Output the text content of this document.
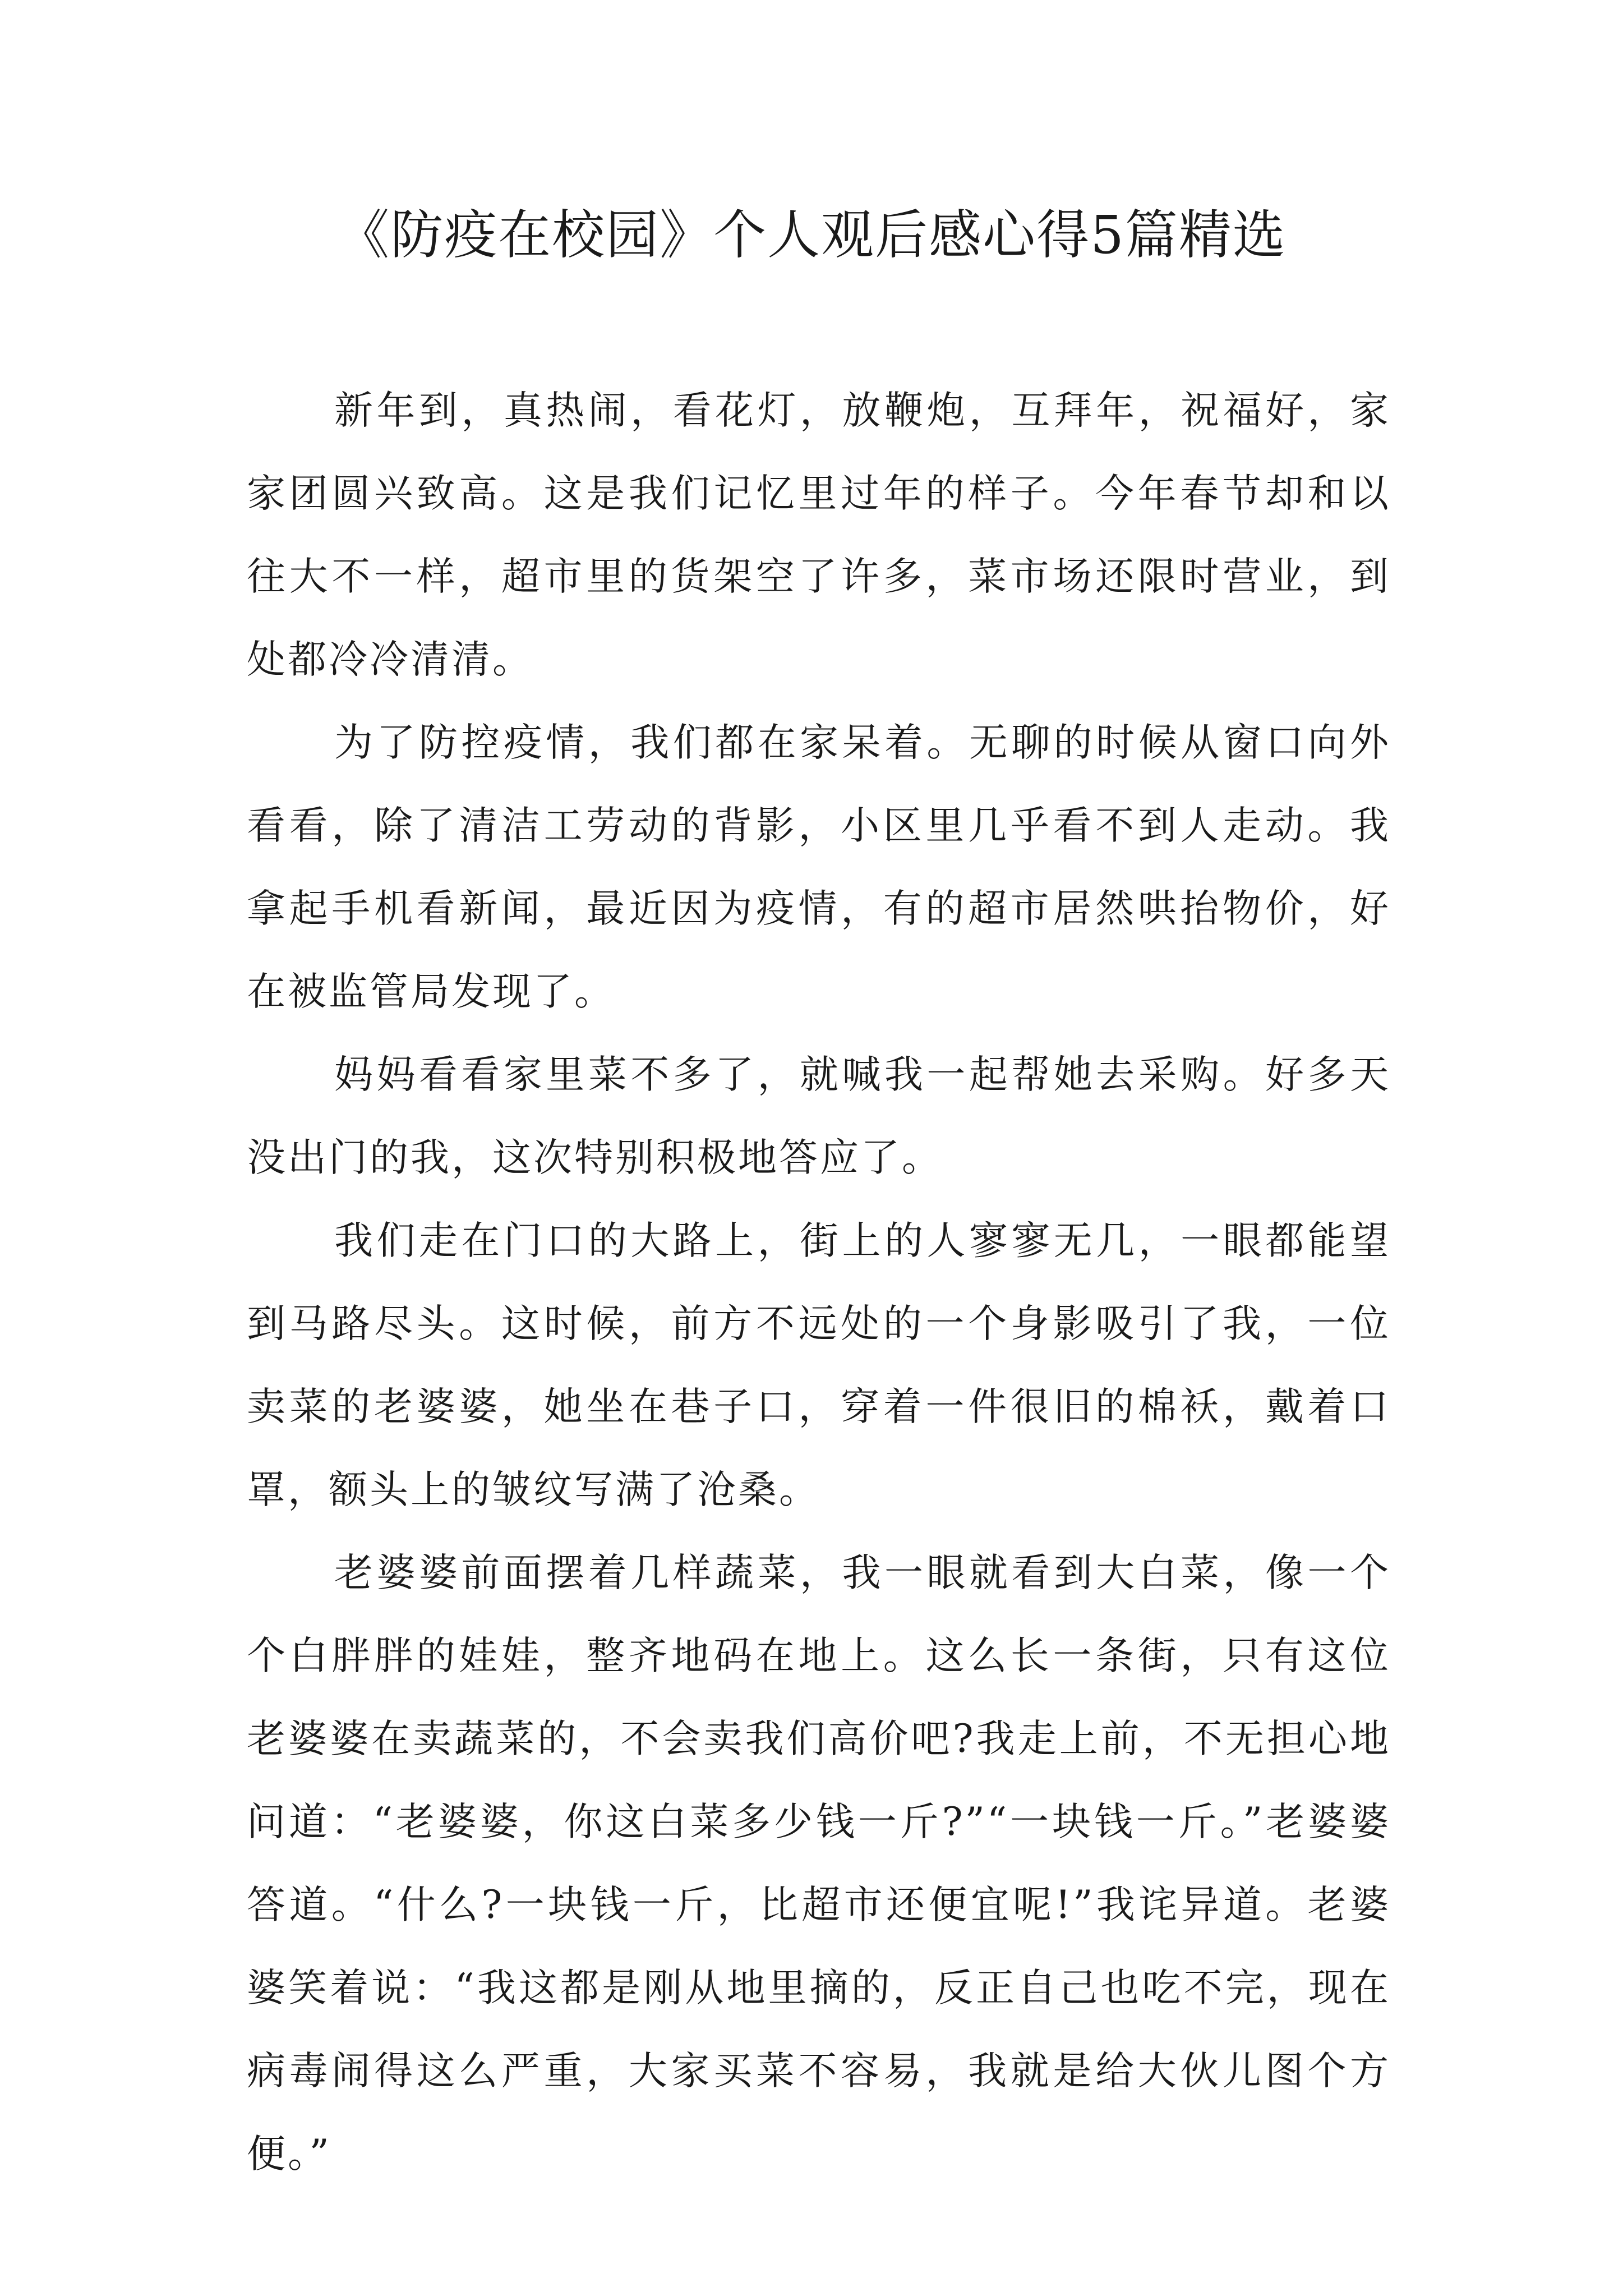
《防疫在校园》个人观后感心得5篇精选

新年到，真热闹，看花灯，放鞭炮，互拜年，祝福好，家家团圆兴致高。这是我们记忆里过年的样子。今年春节却和以往大不一样，超市里的货架空了许多，菜市场还限时营业，到处都冷冷清清。

为了防控疫情，我们都在家呆着。无聊的时候从窗口向外看看，除了清洁工劳动的背影，小区里几乎看不到人走动。我拿起手机看新闻，最近因为疫情，有的超市居然哄抬物价，好在被监管局发现了。

妈妈看看家里菜不多了，就喊我一起帮她去采购。好多天没出门的我，这次特别积极地答应了。

我们走在门口的大路上，街上的人寥寥无几，一眼都能望到马路尽头。这时候，前方不远处的一个身影吸引了我，一位卖菜的老婆婆，她坐在巷子口，穿着一件很旧的棉袄，戴着口罩，额头上的皱纹写满了沧桑。

老婆婆前面摆着几样蔬菜，我一眼就看到大白菜，像一个个白胖胖的娃娃，整齐地码在地上。这么长一条街，只有这位老婆婆在卖蔬菜的，不会卖我们高价吧?我走上前，不无担心地问道：“老婆婆，你这白菜多少钱一斤?”“一块钱一斤。”老婆婆答道。“什么?一块钱一斤，比超市还便宜呢!”我诧异道。老婆婆笑着说：“我这都是刚从地里摘的，反正自己也吃不完，现在病毒闹得这么严重，大家买菜不容易，我就是给大伙儿图个方便。”
